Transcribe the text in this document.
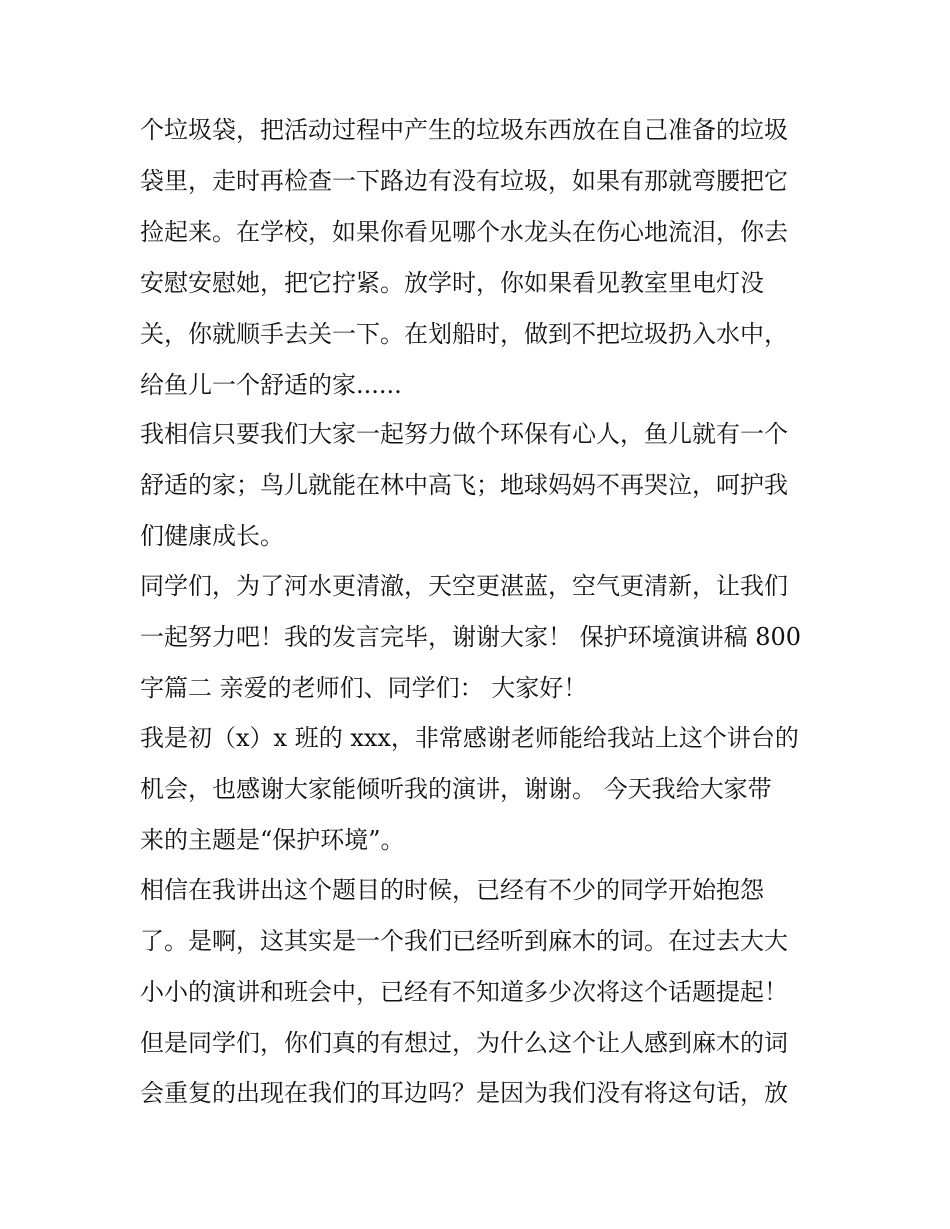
个垃圾袋，把活动过程中产生的垃圾东西放在自己准备的垃圾
袋里，走时再检查一下路边有没有垃圾，如果有那就弯腰把它
捡起来。在学校，如果你看见哪个水龙头在伤心地流泪，你去
安慰安慰她，把它拧紧。放学时，你如果看见教室里电灯没
关，你就顺手去关一下。在划船时，做到不把垃圾扔入水中，
给鱼儿一个舒适的家......
我相信只要我们大家一起努力做个环保有心人，鱼儿就有一个
舒适的家；鸟儿就能在林中高飞；地球妈妈不再哭泣，呵护我
们健康成长。
同学们，为了河水更清澈，天空更湛蓝，空气更清新，让我们
一起努力吧！我的发言完毕，谢谢大家！ 保护环境演讲稿 800
字篇二 亲爱的老师们、同学们： 大家好！
我是初（x）x 班的 xxx，非常感谢老师能给我站上这个讲台的
机会，也感谢大家能倾听我的演讲，谢谢。 今天我给大家带
来的主题是“保护环境”。
相信在我讲出这个题目的时候，已经有不少的同学开始抱怨
了。是啊，这其实是一个我们已经听到麻木的词。在过去大大
小小的演讲和班会中，已经有不知道多少次将这个话题提起！
但是同学们，你们真的有想过，为什么这个让人感到麻木的词
会重复的出现在我们的耳边吗？是因为我们没有将这句话，放
